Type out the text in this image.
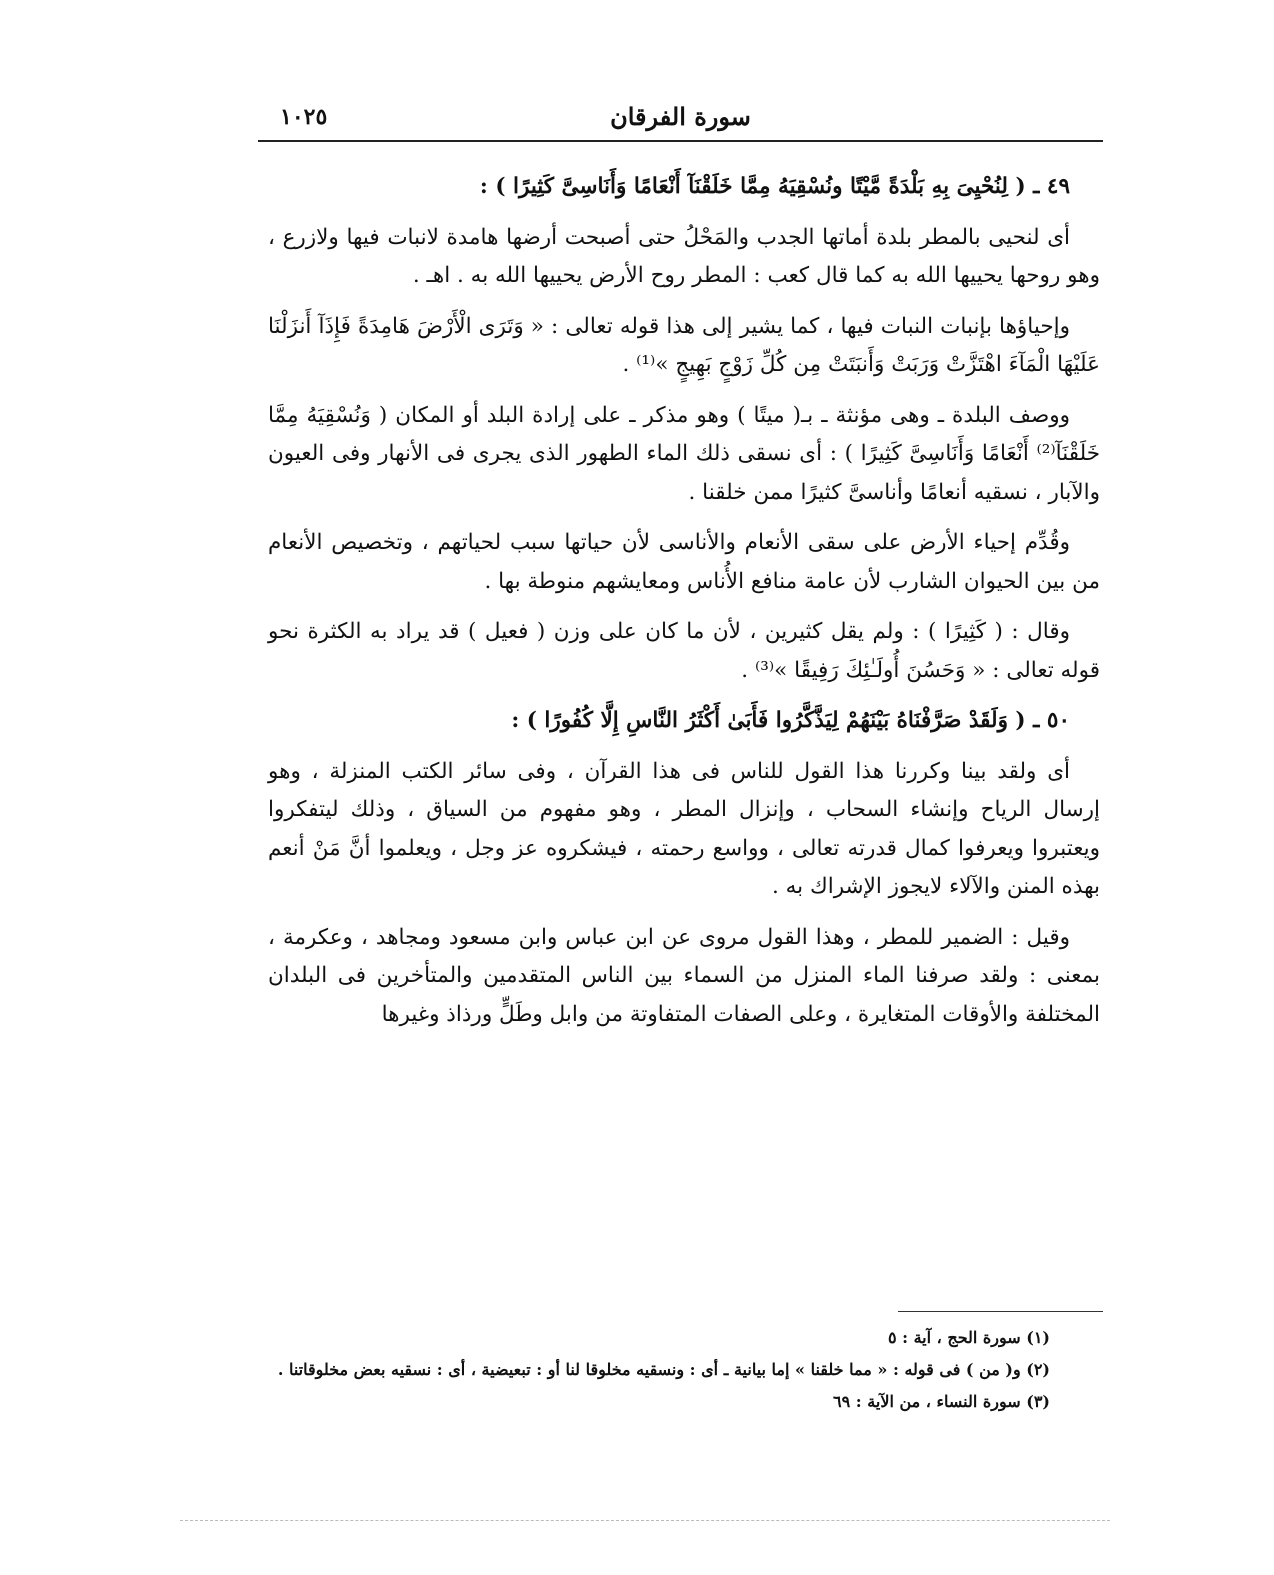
سورة الفرقان
١٠٢٥

٤٩ ـ ( لِنُحْيِىَ بِهِ بَلْدَةً مَّيْتًا ونُسْقِيَهُ مِمَّا خَلَقْنَآ أَنْعَامًا وَأَنَاسِىَّ كَثِيرًا ) :

أى لنحيى بالمطر بلدة أماتها الجدب والمَحْلُ حتى أصبحت أرضها هامدة لانبات فيها ولازرع ، وهو روحها يحييها الله به كما قال كعب : المطر روح الأرض يحييها الله به . اهـ .

وإحياؤها بإنبات النبات فيها ، كما يشير إلى هذا قوله تعالى : « وَتَرَى الْأَرْضَ هَامِدَةً فَإِذَآ أَنزَلْنَا عَلَيْهَا الْمَآءَ اهْتَزَّتْ وَرَبَتْ وَأَنبَتَتْ مِن كُلِّ زَوْجٍ بَهِيجٍ »⁽¹⁾ .

ووصف البلدة ـ وهى مؤنثة ـ بـ( ميتًا ) وهو مذكر ـ على إرادة البلد أو المكان ( وَنُسْقِيَهُ مِمَّا خَلَقْنَآ⁽²⁾ أَنْعَامًا وَأَنَاسِىَّ كَثِيرًا ) : أى نسقى ذلك الماء الطهور الذى يجرى فى الأنهار وفى العيون والآبار ، نسقيه أنعامًا وأناسىَّ كثيرًا ممن خلقنا .

وقُدِّم إحياء الأرض على سقى الأنعام والأناسى لأن حياتها سبب لحياتهم ، وتخصيص الأنعام من بين الحيوان الشارب لأن عامة منافع الأُناس ومعايشهم منوطة بها .

وقال : ( كَثِيرًا ) : ولم يقل كثيرين ، لأن ما كان على وزن ( فعيل ) قد يراد به الكثرة نحو قوله تعالى : « وَحَسُنَ أُولَـٰئِكَ رَفِيقًا »⁽³⁾ .

٥٠ ـ ( وَلَقَدْ صَرَّفْنَاهُ بَيْنَهُمْ لِيَذَّكَّرُوا فَأَبَىٰ أَكْثَرُ النَّاسِ إِلَّا كُفُورًا ) :

أى ولقد بينا وكررنا هذا القول للناس فى هذا القرآن ، وفى سائر الكتب المنزلة ، وهو إرسال الرياح وإنشاء السحاب ، وإنزال المطر ، وهو مفهوم من السياق ، وذلك ليتفكروا ويعتبروا ويعرفوا كمال قدرته تعالى ، وواسع رحمته ، فيشكروه عز وجل ، ويعلموا أنَّ مَنْ أنعم بهذه المنن والآلاء لايجوز الإشراك به .

وقيل : الضمير للمطر ، وهذا القول مروى عن ابن عباس وابن مسعود ومجاهد ، وعكرمة ، بمعنى : ولقد صرفنا الماء المنزل من السماء بين الناس المتقدمين والمتأخرين فى البلدان المختلفة والأوقات المتغايرة ، وعلى الصفات المتفاوتة من وابل وطَلٍّ ورذاذ وغيرها

(١) سورة الحج ، آية : ٥
(٢) و( من ) فى قوله : « مما خلقنا » إما بيانية ـ أى : ونسقيه مخلوقا لنا أو : تبعيضية ، أى : نسقيه بعض مخلوقاتنا .
(٣) سورة النساء ، من الآية : ٦٩
